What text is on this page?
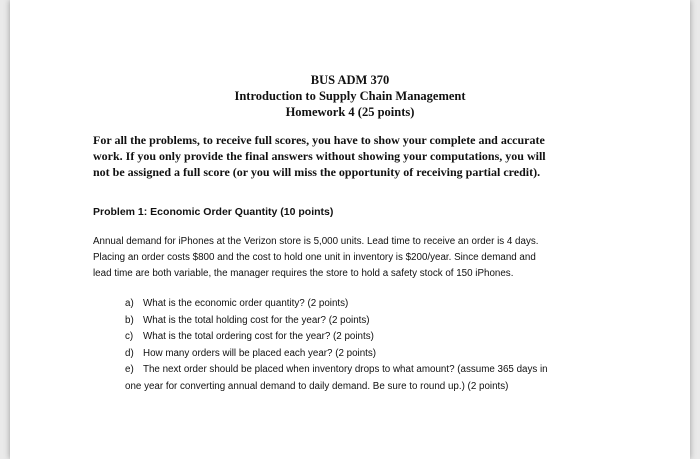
BUS ADM 370
Introduction to Supply Chain Management
Homework 4 (25 points)
For all the problems, to receive full scores, you have to show your complete and accurate
work. If you only provide the final answers without showing your computations, you will
not be assigned a full score (or you will miss the opportunity of receiving partial credit).
Problem 1: Economic Order Quantity (10 points)
Annual demand for iPhones at the Verizon store is 5,000 units. Lead time to receive an order is 4 days.
Placing an order costs $800 and the cost to hold one unit in inventory is $200/year. Since demand and
lead time are both variable, the manager requires the store to hold a safety stock of 150 iPhones.
a) What is the economic order quantity? (2 points)
b) What is the total holding cost for the year? (2 points)
c)	What is the total ordering cost for the year? (2 points)
d) How many orders will be placed each year? (2 points)
e) The next order should be placed when inventory drops to what amount? (assume 365 days in
one year for converting annual demand to daily demand. Be sure to round up.) (2 points)
